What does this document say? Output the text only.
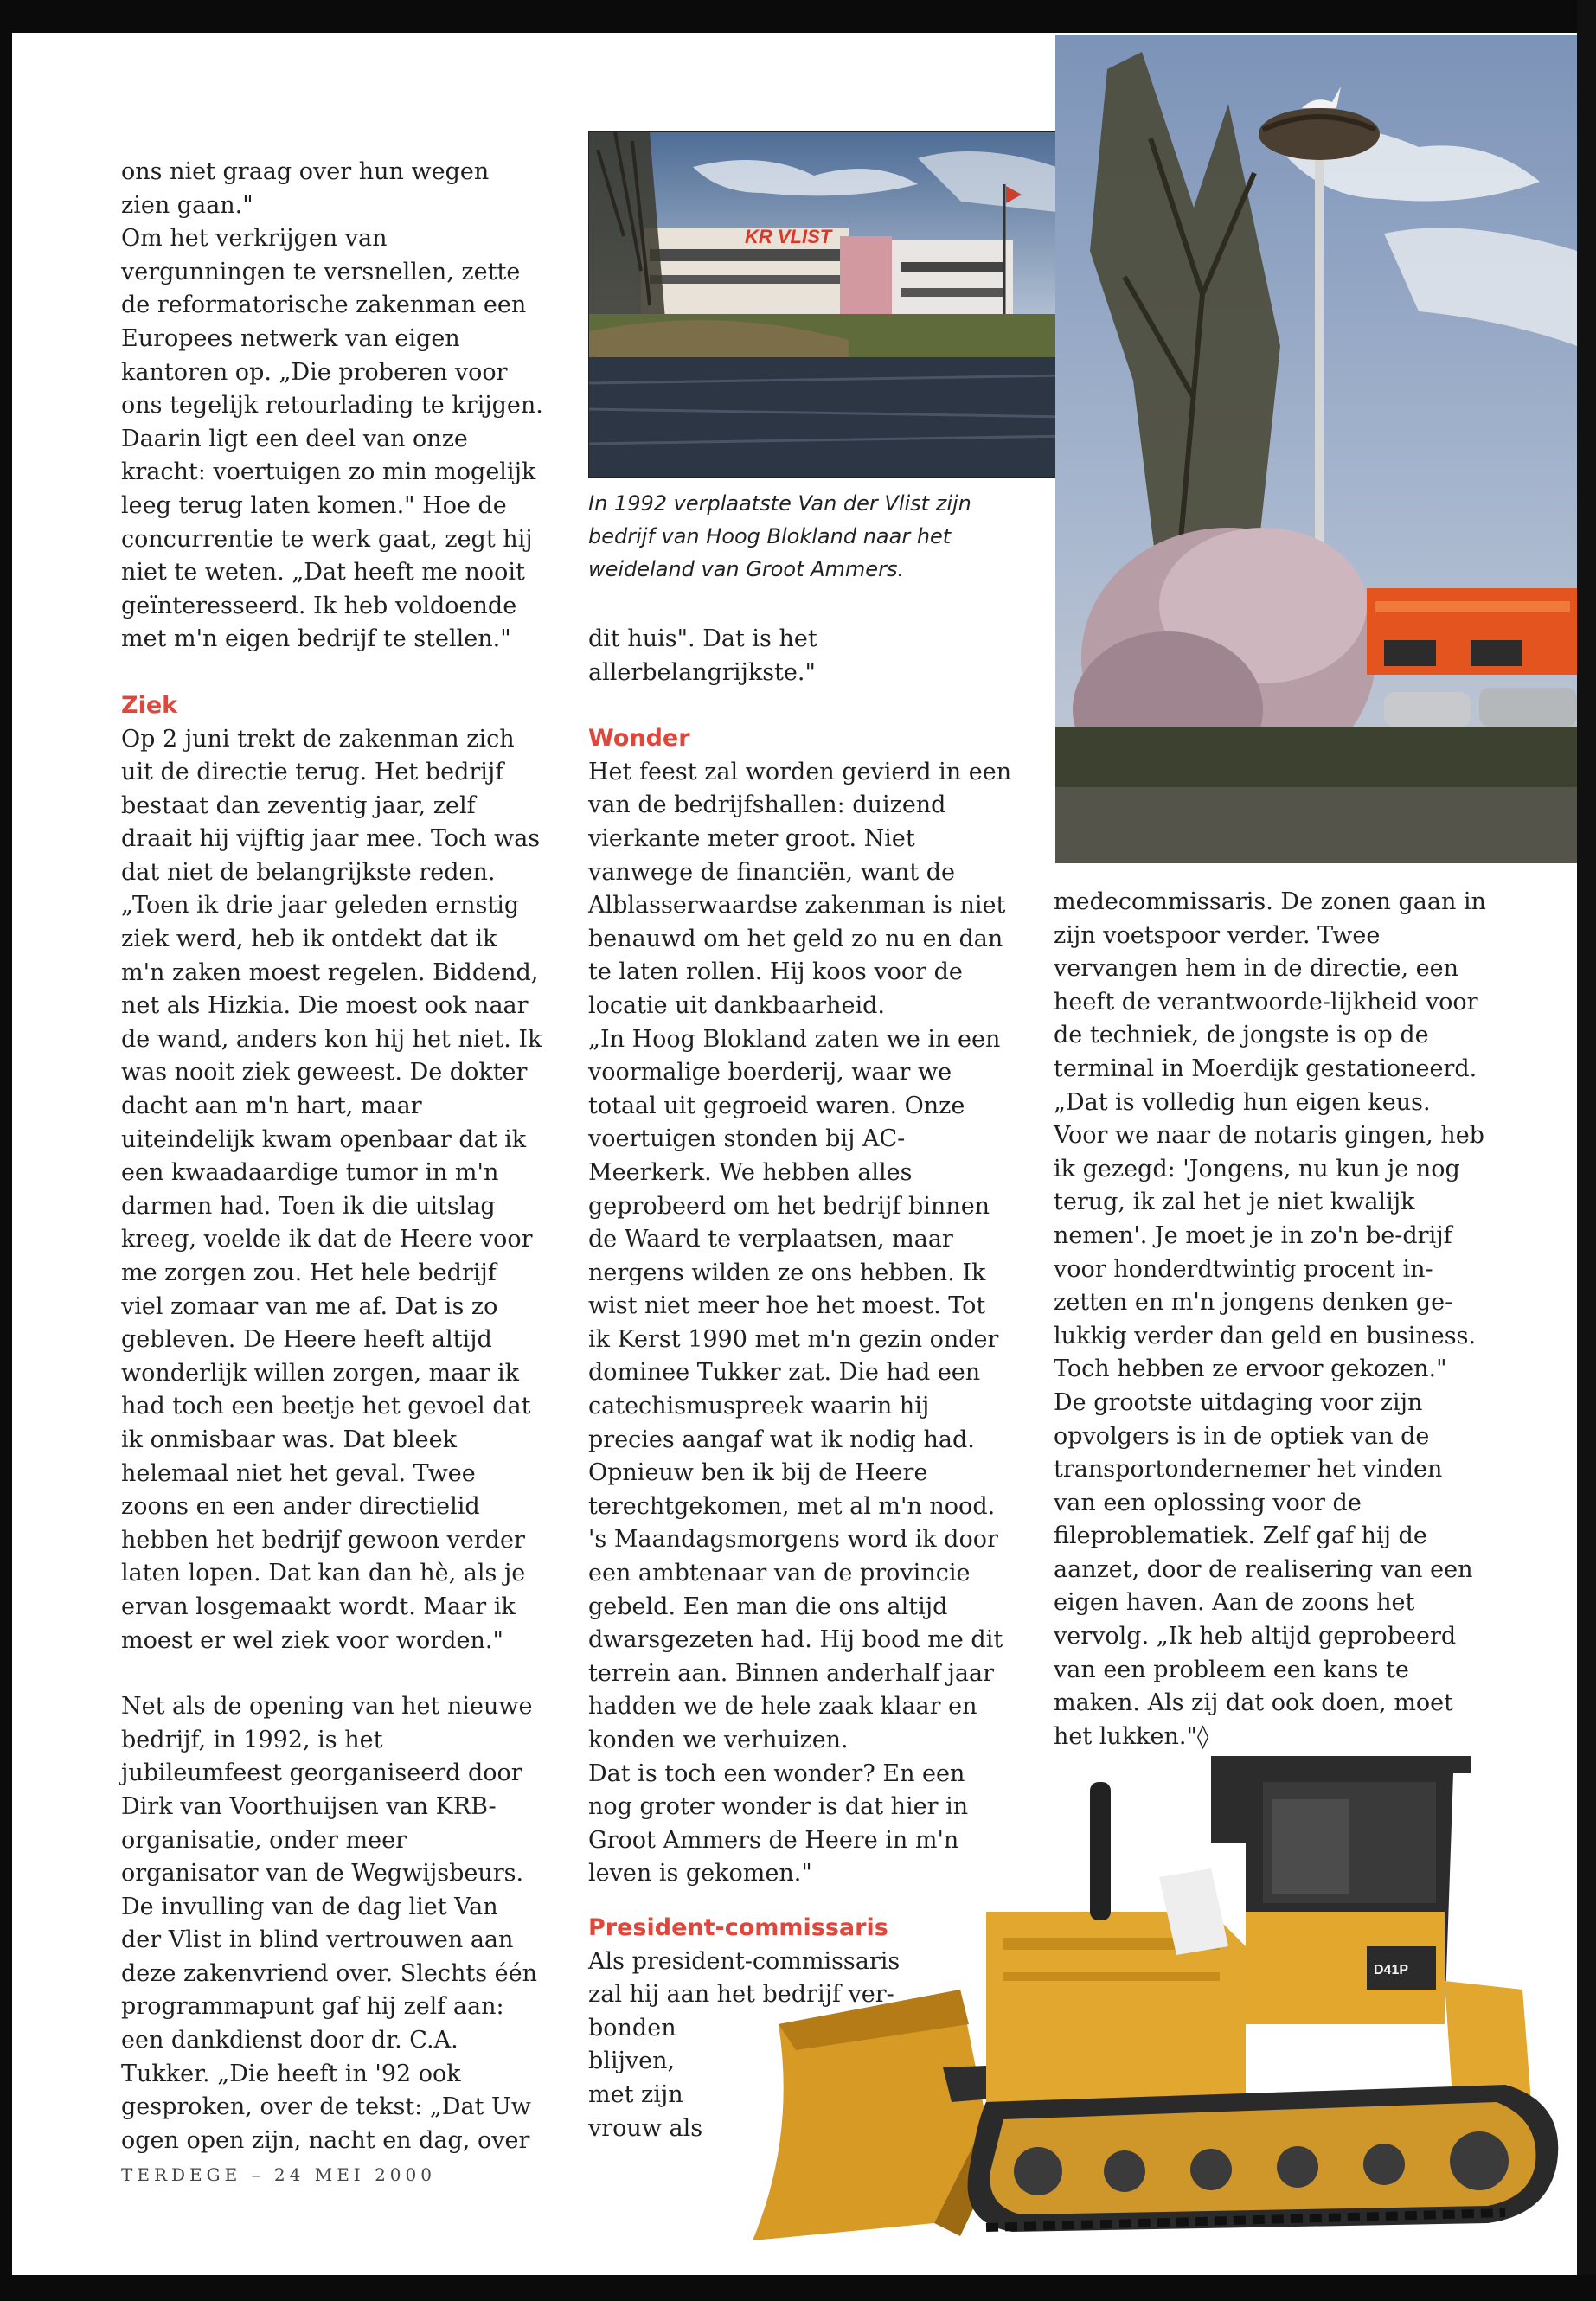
ons niet graag over hun wegen zien gaan."

Om het verkrijgen van vergunningen te versnellen, zette de reformatorische zakenman een Europees netwerk van eigen kantoren op. „Die proberen voor ons tegelijk retourlading te krijgen. Daarin ligt een deel van onze kracht: voertuigen zo min mogelijk leeg terug laten komen." Hoe de concurrentie te werk gaat, zegt hij niet te weten. „Dat heeft me nooit geïnteresseerd. Ik heb voldoende met m'n eigen bedrijf te stellen."

Ziek

Op 2 juni trekt de zakenman zich uit de directie terug. Het bedrijf bestaat dan zeventig jaar, zelf draait hij vijftig jaar mee. Toch was dat niet de belangrijkste reden. „Toen ik drie jaar geleden ernstig ziek werd, heb ik ontdekt dat ik m'n zaken moest regelen. Biddend, net als Hizkia. Die moest ook naar de wand, anders kon hij het niet. Ik was nooit ziek geweest. De dokter dacht aan m'n hart, maar uiteindelijk kwam openbaar dat ik een kwaadaardige tumor in m'n darmen had. Toen ik die uitslag kreeg, voelde ik dat de Heere voor me zorgen zou. Het hele bedrijf viel zomaar van me af. Dat is zo gebleven. De Heere heeft altijd wonderlijk willen zorgen, maar ik had toch een beetje het gevoel dat ik onmisbaar was. Dat bleek helemaal niet het geval. Twee zoons en een ander directielid hebben het bedrijf gewoon verder laten lopen. Dat kan dan hè, als je ervan losgemaakt wordt. Maar ik moest er wel ziek voor worden."

Net als de opening van het nieuwe bedrijf, in 1992, is het jubileumfeest georganiseerd door Dirk van Voorthuijsen van KRB-organisatie, onder meer organisator van de Wegwijsbeurs. De invulling van de dag liet Van der Vlist in blind vertrouwen aan deze zakenvriend over. Slechts één programmapunt gaf hij zelf aan: een dankdienst door dr. C.A. Tukker. „Die heeft in '92 ook gesproken, over de tekst: „Dat Uw ogen open zijn, nacht en dag, over

KR VLIST
In 1992 verplaatste Van der Vlist zijn bedrijf van Hoog Blokland naar het weideland van Groot Ammers.

dit huis". Dat is het allerbelangrijkste."

Wonder

Het feest zal worden gevierd in een van de bedrijfshallen: duizend vierkante meter groot. Niet vanwege de financiën, want de Alblasserwaardse zakenman is niet benauwd om het geld zo nu en dan te laten rollen. Hij koos voor de locatie uit dankbaarheid.

„In Hoog Blokland zaten we in een voormalige boerderij, waar we totaal uit gegroeid waren. Onze voertuigen stonden bij AC-Meerkerk. We hebben alles geprobeerd om het bedrijf binnen de Waard te verplaatsen, maar nergens wilden ze ons hebben. Ik wist niet meer hoe het moest. Tot ik Kerst 1990 met m'n gezin onder dominee Tukker zat. Die had een catechismuspreek waarin hij precies aangaf wat ik nodig had. Opnieuw ben ik bij de Heere terechtgekomen, met al m'n nood. 's Maandagsmorgens word ik door een ambtenaar van de provincie gebeld. Een man die ons altijd dwarsgezeten had. Hij bood me dit terrein aan. Binnen anderhalf jaar hadden we de hele zaak klaar en konden we verhuizen.

Dat is toch een wonder? En een nog groter wonder is dat hier in Groot Ammers de Heere in m'n leven is gekomen."

President-commissaris
Als president-commissaris
zal hij aan het bedrijf ver-
bonden
blijven,
met zijn
vrouw als

medecommissaris. De zonen gaan in zijn voetspoor verder. Twee vervangen hem in de directie, een heeft de verantwoorde-lijkheid voor de techniek, de jongste is op de terminal in Moerdijk gestationeerd. „Dat is volledig hun eigen keus. Voor we naar de notaris gingen, heb ik gezegd: 'Jongens, nu kun je nog terug, ik zal het je niet kwalijk nemen'. Je moet je in zo'n be-drijf voor honderdtwintig procent in-zetten en m'n jongens denken ge-lukkig verder dan geld en business. Toch hebben ze ervoor gekozen."

De grootste uitdaging voor zijn opvolgers is in de optiek van de transportondernemer het vinden van een oplossing voor de fileproblematiek. Zelf gaf hij de aanzet, door de realisering van een eigen haven. Aan de zoons het vervolg. „Ik heb altijd geprobeerd van een probleem een kans te maken. Als zij dat ook doen, moet het lukken."◊

D41P
TERDEGE – 24 MEI 2000
